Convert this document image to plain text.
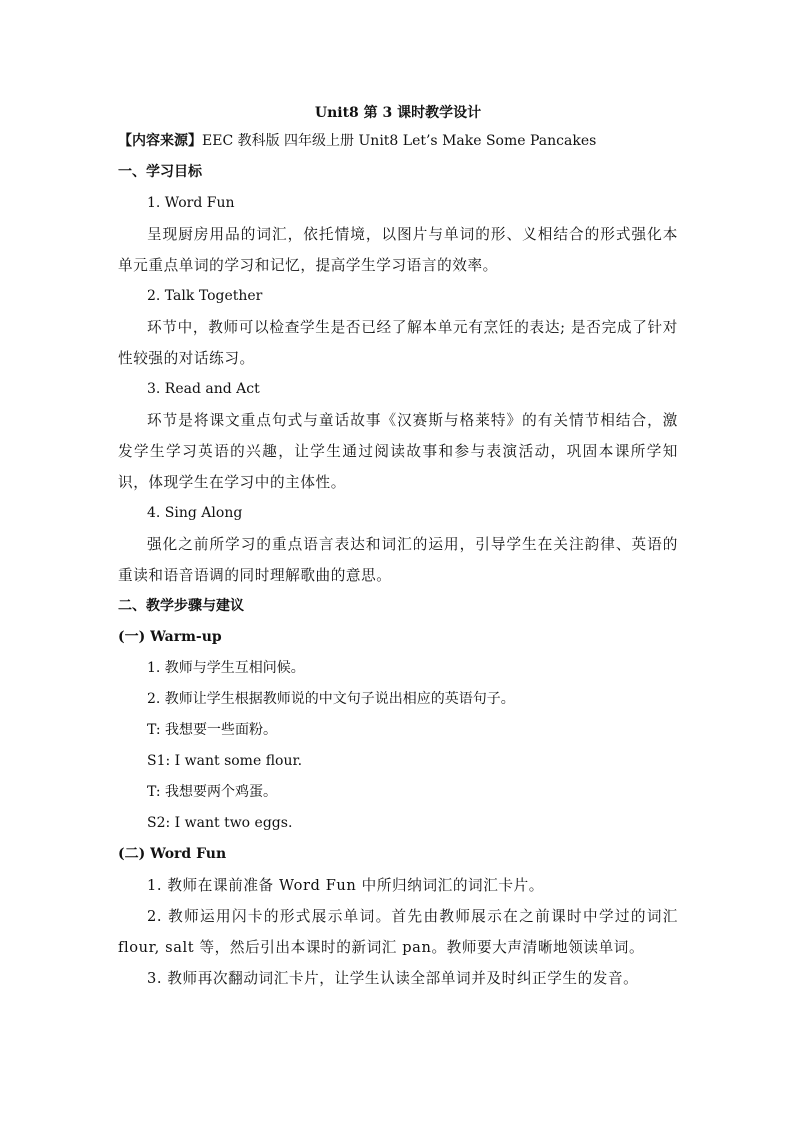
Unit8 第 3 课时教学设计
【内容来源】EEC 教科版 四年级上册 Unit8 Let’s Make Some Pancakes
一、学习目标
1. Word Fun
呈现厨房用品的词汇，依托情境，以图片与单词的形、义相结合的形式强化本单元重点单词的学习和记忆，提高学生学习语言的效率。
2. Talk Together
环节中，教师可以检查学生是否已经了解本单元有烹饪的表达; 是否完成了针对性较强的对话练习。
3. Read and Act
环节是将课文重点句式与童话故事《汉赛斯与格莱特》的有关情节相结合，激发学生学习英语的兴趣，让学生通过阅读故事和参与表演活动，巩固本课所学知识，体现学生在学习中的主体性。
4. Sing Along
强化之前所学习的重点语言表达和词汇的运用，引导学生在关注韵律、英语的重读和语音语调的同时理解歌曲的意思。
二、教学步骤与建议
(一) Warm-up
1. 教师与学生互相问候。
2. 教师让学生根据教师说的中文句子说出相应的英语句子。
T: 我想要一些面粉。
S1: I want some flour.
T: 我想要两个鸡蛋。
S2: I want two eggs.
(二) Word Fun
1. 教师在课前准备 Word Fun 中所归纳词汇的词汇卡片。
2. 教师运用闪卡的形式展示单词。首先由教师展示在之前课时中学过的词汇 flour, salt 等，然后引出本课时的新词汇 pan。教师要大声清晰地领读单词。
3. 教师再次翻动词汇卡片，让学生认读全部单词并及时纠正学生的发音。
